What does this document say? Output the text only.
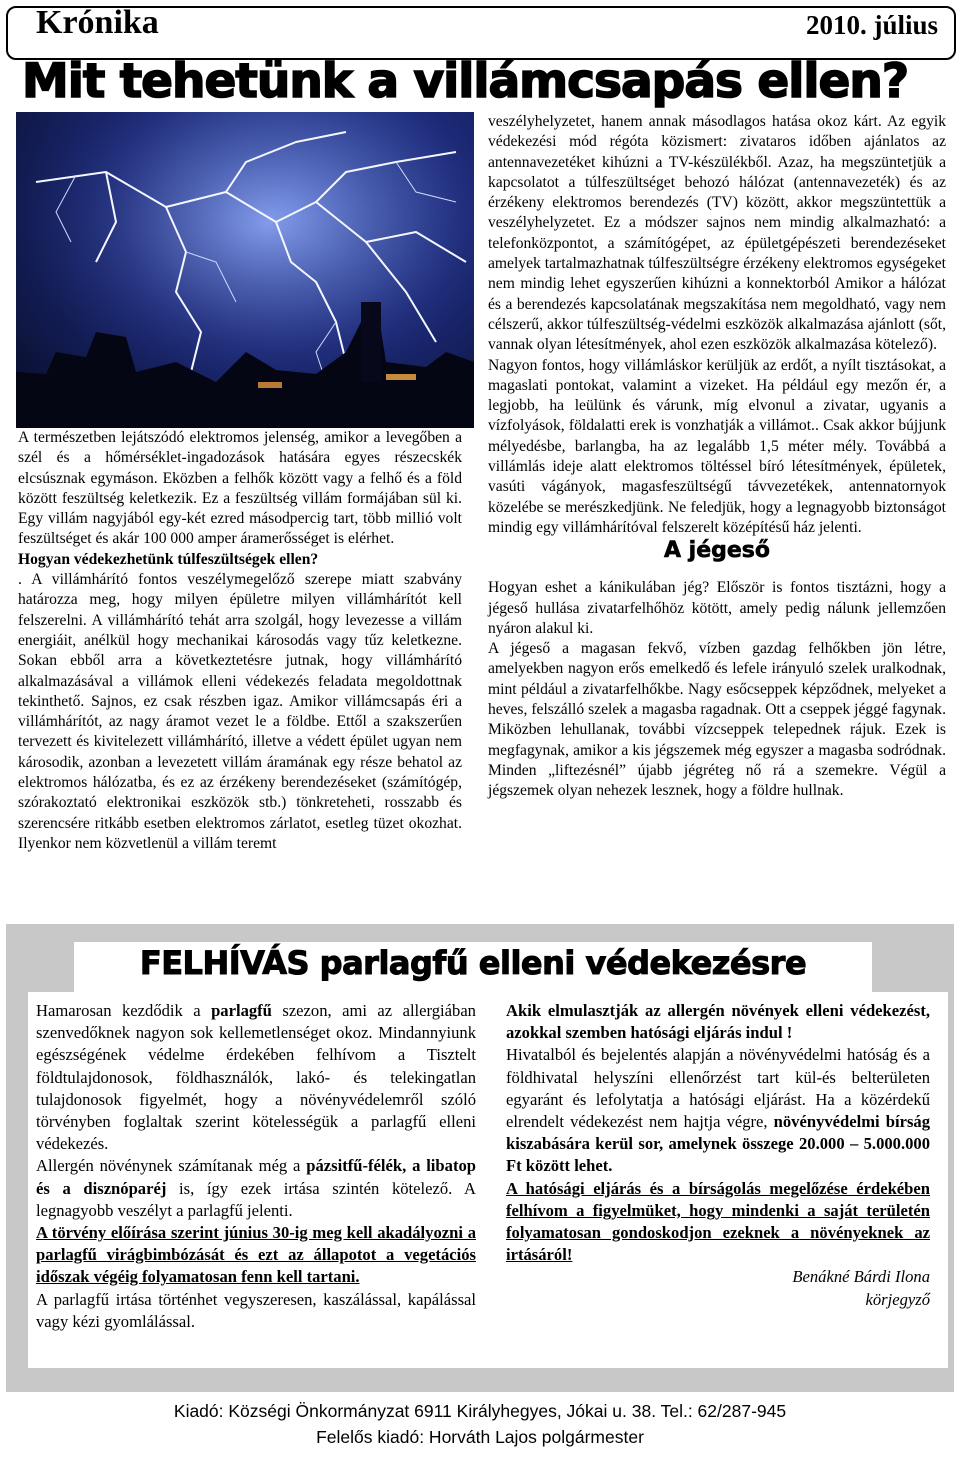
Krónika	2010. július
Mit tehetünk a villámcsapás ellen?

A természetben lejátszódó elektromos jelenség, amikor a levegőben a szél és a hőmérséklet-ingadozások hatására egyes részecskék elcsúsznak egymáson. Eközben a felhők között vagy a felhő és a föld között feszültség keletkezik. Ez a feszültség villám formájában sül ki. Egy villám nagyjából egy-két ezred másodpercig tart, több millió volt feszültséget és akár 100 000 amper áramerősséget is elérhet.

Hogyan védekezhetünk túlfeszültségek ellen?

. A villámhárító fontos veszélymegelőző szerepe miatt szabvány határozza meg, hogy milyen épületre milyen villámhárítót kell felszerelni. A villámhárító tehát arra szolgál, hogy levezesse a villám energiáit, anélkül hogy mechanikai károsodás vagy tűz keletkezne. Sokan ebből arra a következtetésre jutnak, hogy villámhárító alkalmazásával a villámok elleni védekezés feladata megoldottnak tekinthető. Sajnos, ez csak részben igaz. Amikor villámcsapás éri a villámhárítót, az nagy áramot vezet le a földbe. Ettől a szakszerűen tervezett és kivitelezett villámhárító, illetve a védett épület ugyan nem károsodik, azonban a levezetett villám áramának egy része behatol az elektromos hálózatba, és ez az érzékeny berendezéseket (számítógép, szórakoztató elektronikai eszközök stb.) tönkreteheti, rosszabb és szerencsére ritkább esetben elektromos zárlatot, esetleg tüzet okozhat. Ilyenkor nem közvetlenül a villám teremt

veszélyhelyzetet, hanem annak másodlagos hatása okoz kárt. Az egyik védekezési mód régóta közismert: zivataros időben ajánlatos az antennavezetéket kihúzni a TV-készülékből. Azaz, ha megszüntetjük a kapcsolatot a túlfeszültséget behozó hálózat (antennavezeték) és az érzékeny elektromos berendezés (TV) között, akkor megszüntettük a veszélyhelyzetet. Ez a módszer sajnos nem mindig alkalmazható: a telefonközpontot, a számítógépet, az épületgépészeti berendezéseket amelyek tartalmazhatnak túlfeszültségre érzékeny elektromos egységeket nem mindig lehet egyszerűen kihúzni a konnektorból Amikor a hálózat és a berendezés kapcsolatának megszakítása nem megoldható, vagy nem célszerű, akkor túlfeszültség-védelmi eszközök alkalmazása ajánlott (sőt, vannak olyan létesítmények, ahol ezen eszközök alkalmazása kötelező).

Nagyon fontos, hogy villámláskor kerüljük az erdőt, a nyílt tisztásokat, a magaslati pontokat, valamint a vizeket. Ha például egy mezőn ér, a legjobb, ha leülünk és várunk, míg elvonul a zivatar, ugyanis a vízfolyások, földalatti erek is vonzhatják a villámot.. Csak akkor bújjunk mélyedésbe, barlangba, ha az legalább 1,5 méter mély. Továbbá a villámlás ideje alatt elektromos töltéssel bíró létesítmények, épületek, vasúti vágányok, magasfeszültségű távvezetékek, antennatornyok közelébe se merészkedjünk. Ne feledjük, hogy a legnagyobb biztonságot mindig egy villámhárítóval felszerelt középítésű ház jelenti.

A jégeső

Hogyan eshet a kánikulában jég? Először is fontos tisztázni, hogy a jégeső hullása zivatarfelhőhöz kötött, amely pedig nálunk jellemzően nyáron alakul ki.

A jégeső a magasan fekvő, vízben gazdag felhőkben jön létre, amelyekben nagyon erős emelkedő és lefele irányuló szelek uralkodnak, mint például a zivatarfelhőkbe. Nagy esőcseppek képződnek, melyeket a heves, felszálló szelek a magasba ragadnak. Ott a cseppek jéggé fagynak. Miközben lehullanak, további vízcseppek telepednek rájuk. Ezek is megfagynak, amikor a kis jégszemek még egyszer a magasba sodródnak. Minden „liftezésnél” újabb jégréteg nő rá a szemekre. Végül a jégszemek olyan nehezek lesznek, hogy a földre hullnak.

FELHÍVÁS parlagfű elleni védekezésre

Hamarosan kezdődik a parlagfű szezon, ami az allergiában szenvedőknek nagyon sok kellemetlenséget okoz. Mindannyiunk egészségének védelme érdekében felhívom a Tisztelt földtulajdonosok, földhasználók, lakó- és telekingatlan tulajdonosok figyelmét, hogy a növényvédelemről szóló törvényben foglaltak szerint kötelességük a parlagfű elleni védekezés.

Allergén növénynek számítanak még a pázsitfű-félék, a libatop és a disznóparéj is, így ezek irtása szintén kötelező. A legnagyobb veszélyt a parlagfű jelenti.

A törvény előírása szerint június 30-ig meg kell akadályozni a parlagfű virágbimbózását és ezt az állapotot a vegetációs időszak végéig folyamatosan fenn kell tartani.

A parlagfű irtása történhet vegyszeresen, kaszálással, kapálással vagy kézi gyomlálással.

Akik elmulasztják az allergén növények elleni védekezést, azokkal szemben hatósági eljárás indul !

Hivatalból és bejelentés alapján a növényvédelmi hatóság és a földhivatal helyszíni ellenőrzést tart kül-és belterületen egyaránt és lefolytatja a hatósági eljárást. Ha a közérdekű elrendelt védekezést nem hajtja végre, növényvédelmi bírság kiszabására kerül sor, amelynek összege 20.000 – 5.000.000 Ft között lehet.

A hatósági eljárás és a bírságolás megelőzése érdekében felhívom a figyelmüket, hogy mindenki a saját területén folyamatosan gondoskodjon ezeknek a növényeknek az irtásáról!

Benákné Bárdi Ilona

körjegyző

Kiadó: Községi Önkormányzat 6911 Királyhegyes, Jókai u. 38. Tel.: 62/287-945
Felelős kiadó: Horváth Lajos polgármester
